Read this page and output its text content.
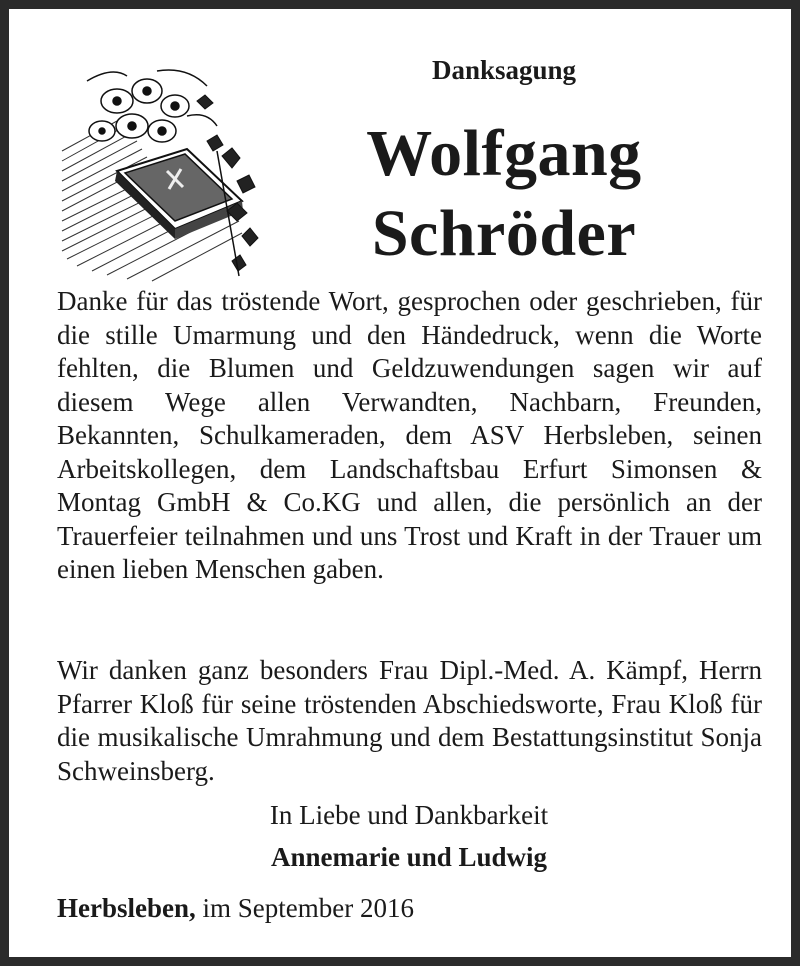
Danksagung
Wolfgang
Schröder

Danke für das tröstende Wort, gesprochen oder geschrieben, für die stille Umarmung und den Händedruck, wenn die Worte fehlten, die Blumen und Geldzuwendungen sagen wir auf diesem Wege allen Verwandten, Nachbarn, Freunden, Bekannten, Schulkameraden, dem ASV Herbsleben, seinen Arbeitskollegen, dem Landschaftsbau Erfurt Simonsen & Montag GmbH & Co.KG und allen, die persönlich an der Trauerfeier teilnahmen und uns Trost und Kraft in der Trauer um einen lieben Menschen gaben.

Wir danken ganz besonders Frau Dipl.-Med. A. Kämpf, Herrn Pfarrer Kloß für seine tröstenden Abschiedsworte, Frau Kloß für die musikalische Umrahmung und dem Bestattungsinstitut Sonja Schweinsberg.

In Liebe und Dankbarkeit
Annemarie und Ludwig
Herbsleben, im September 2016
